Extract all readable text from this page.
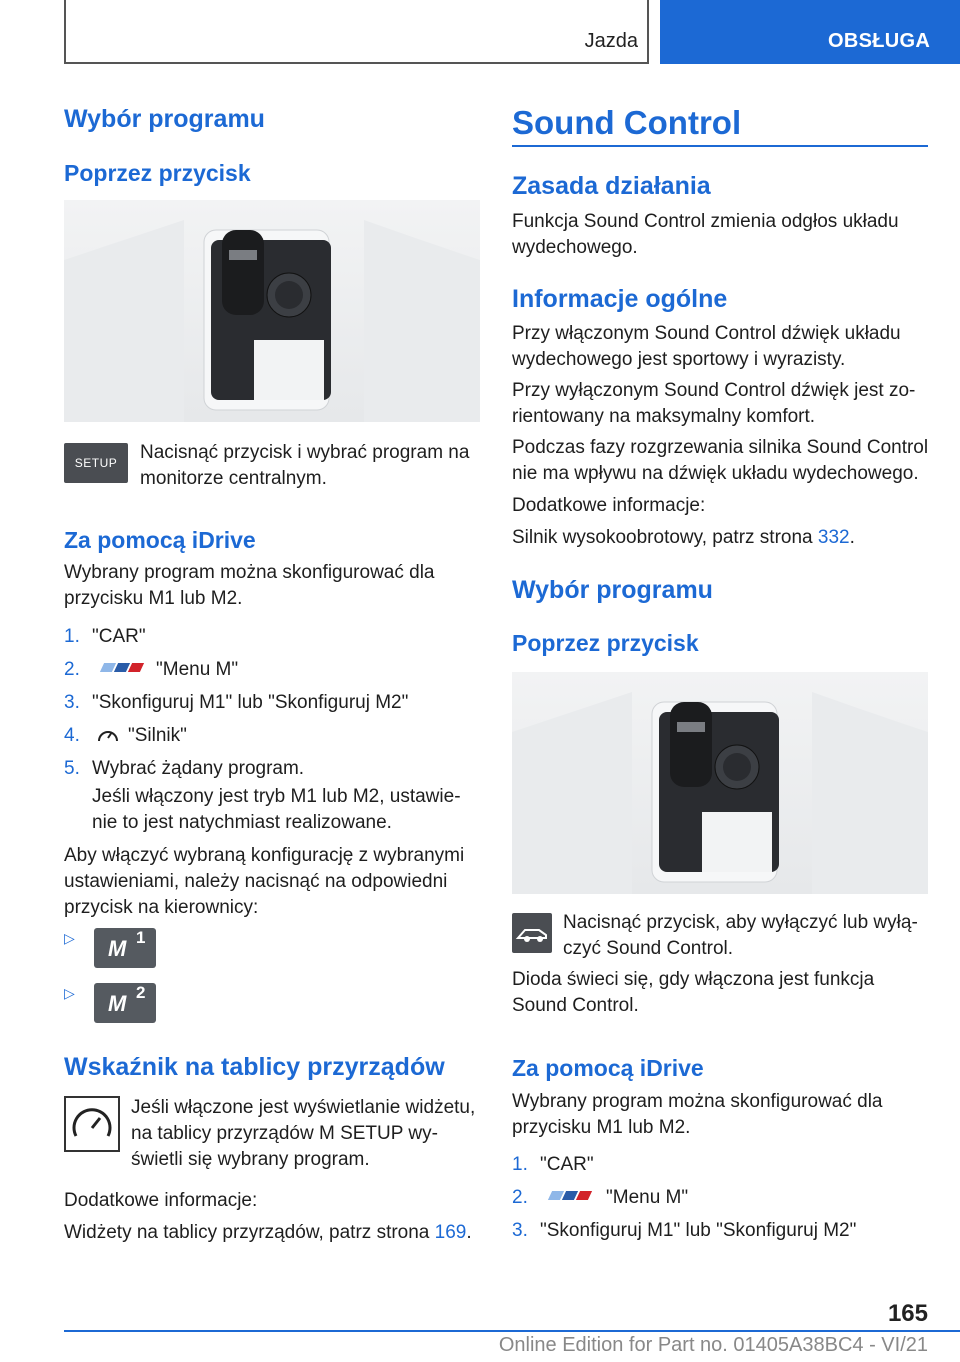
Jazda	OBSŁUGA
Wybór programu
Poprzez przycisk
SETUP	Nacisnąć przycisk i wybrać program na monitorze centralnym.
Za pomocą iDrive
Wybrany program można skonfigurować dla przycisku M1 lub M2.
1. "CAR"
2.	"Menu M"
3. "Skonfiguruj M1" lub "Skonfiguruj M2"
4.	"Silnik"
5. Wybrać żądany program.
Jeśli włączony jest tryb M1 lub M2, ustawienie to jest natychmiast realizowane.
Aby włączyć wybraną konfigurację z wybranymi ustawieniami, należy nacisnąć na odpowiedni przycisk na kierownicy:
▷ M 1
▷ M 2
Wskaźnik na tablicy przyrządów
Jeśli włączone jest wyświetlanie widżetu, na tablicy przyrządów M SETUP wyświetli się wybrany program.
Dodatkowe informacje:
Widżety na tablicy przyrządów, patrz strona 169.
Sound Control
Zasada działania
Funkcja Sound Control zmienia odgłos układu wydechowego.
Informacje ogólne
Przy włączonym Sound Control dźwięk układu wydechowego jest sportowy i wyrazisty.
Przy wyłączonym Sound Control dźwięk jest zorientowany na maksymalny komfort.
Podczas fazy rozgrzewania silnika Sound Control nie ma wpływu na dźwięk układu wydechowego.
Dodatkowe informacje:
Silnik wysokoobrotowy, patrz strona 332.
Wybór programu
Poprzez przycisk
Nacisnąć przycisk, aby wyłączyć lub wyłączyć Sound Control.
Dioda świeci się, gdy włączona jest funkcja Sound Control.
Za pomocą iDrive
Wybrany program można skonfigurować dla przycisku M1 lub M2.
1. "CAR"
2.	"Menu M"
3. "Skonfiguruj M1" lub "Skonfiguruj M2"
165
Online Edition for Part no. 01405A38BC4 - VI/21
